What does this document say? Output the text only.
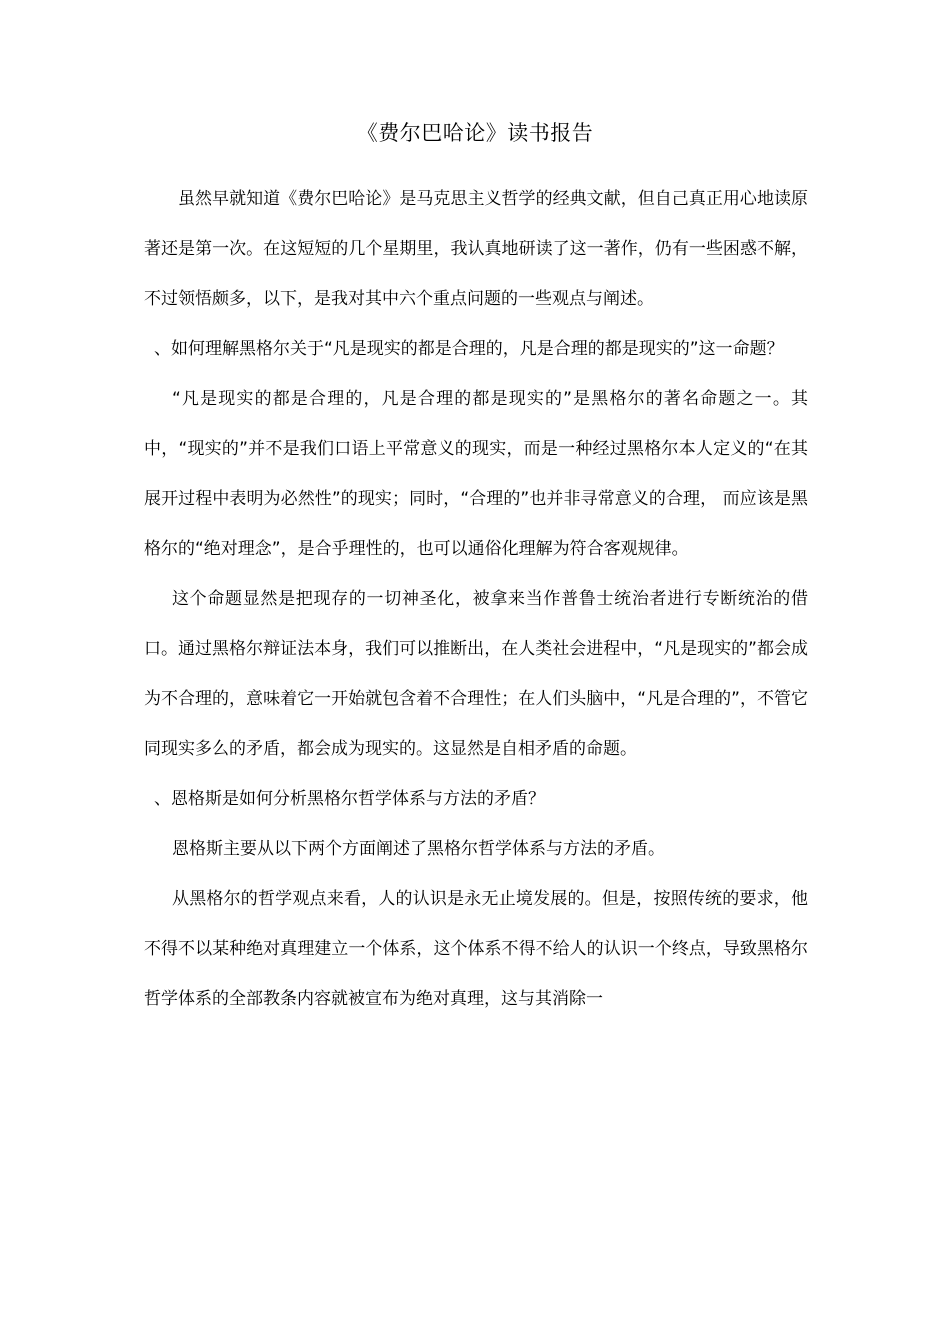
《费尔巴哈论》读书报告

虽然早就知道《费尔巴哈论》是马克思主义哲学的经典文献，但自己真正用心地读原著还是第一次。在这短短的几个星期里，我认真地研读了这一著作，仍有一些困惑不解，不过领悟颇多，以下，是我对其中六个重点问题的一些观点与阐述。

、如何理解黑格尔关于“凡是现实的都是合理的，凡是合理的都是现实的”这一命题？

“凡是现实的都是合理的，凡是合理的都是现实的”是黑格尔的著名命题之一。其中，“现实的”并不是我们口语上平常意义的现实，而是一种经过黑格尔本人定义的“在其展开过程中表明为必然性”的现实；同时，“合理的”也并非寻常意义的合理， 而应该是黑格尔的“绝对理念”，是合乎理性的，也可以通俗化理解为符合客观规律。

这个命题显然是把现存的一切神圣化，被拿来当作普鲁士统治者进行专断统治的借口。通过黑格尔辩证法本身，我们可以推断出，在人类社会进程中，“凡是现实的”都会成为不合理的，意味着它一开始就包含着不合理性；在人们头脑中，“凡是合理的”，不管它同现实多么的矛盾，都会成为现实的。这显然是自相矛盾的命题。

、恩格斯是如何分析黑格尔哲学体系与方法的矛盾？

恩格斯主要从以下两个方面阐述了黑格尔哲学体系与方法的矛盾。

从黑格尔的哲学观点来看，人的认识是永无止境发展的。但是，按照传统的要求，他不得不以某种绝对真理建立一个体系，这个体系不得不给人的认识一个终点，导致黑格尔哲学体系的全部教条内容就被宣布为绝对真理，这与其消除一
